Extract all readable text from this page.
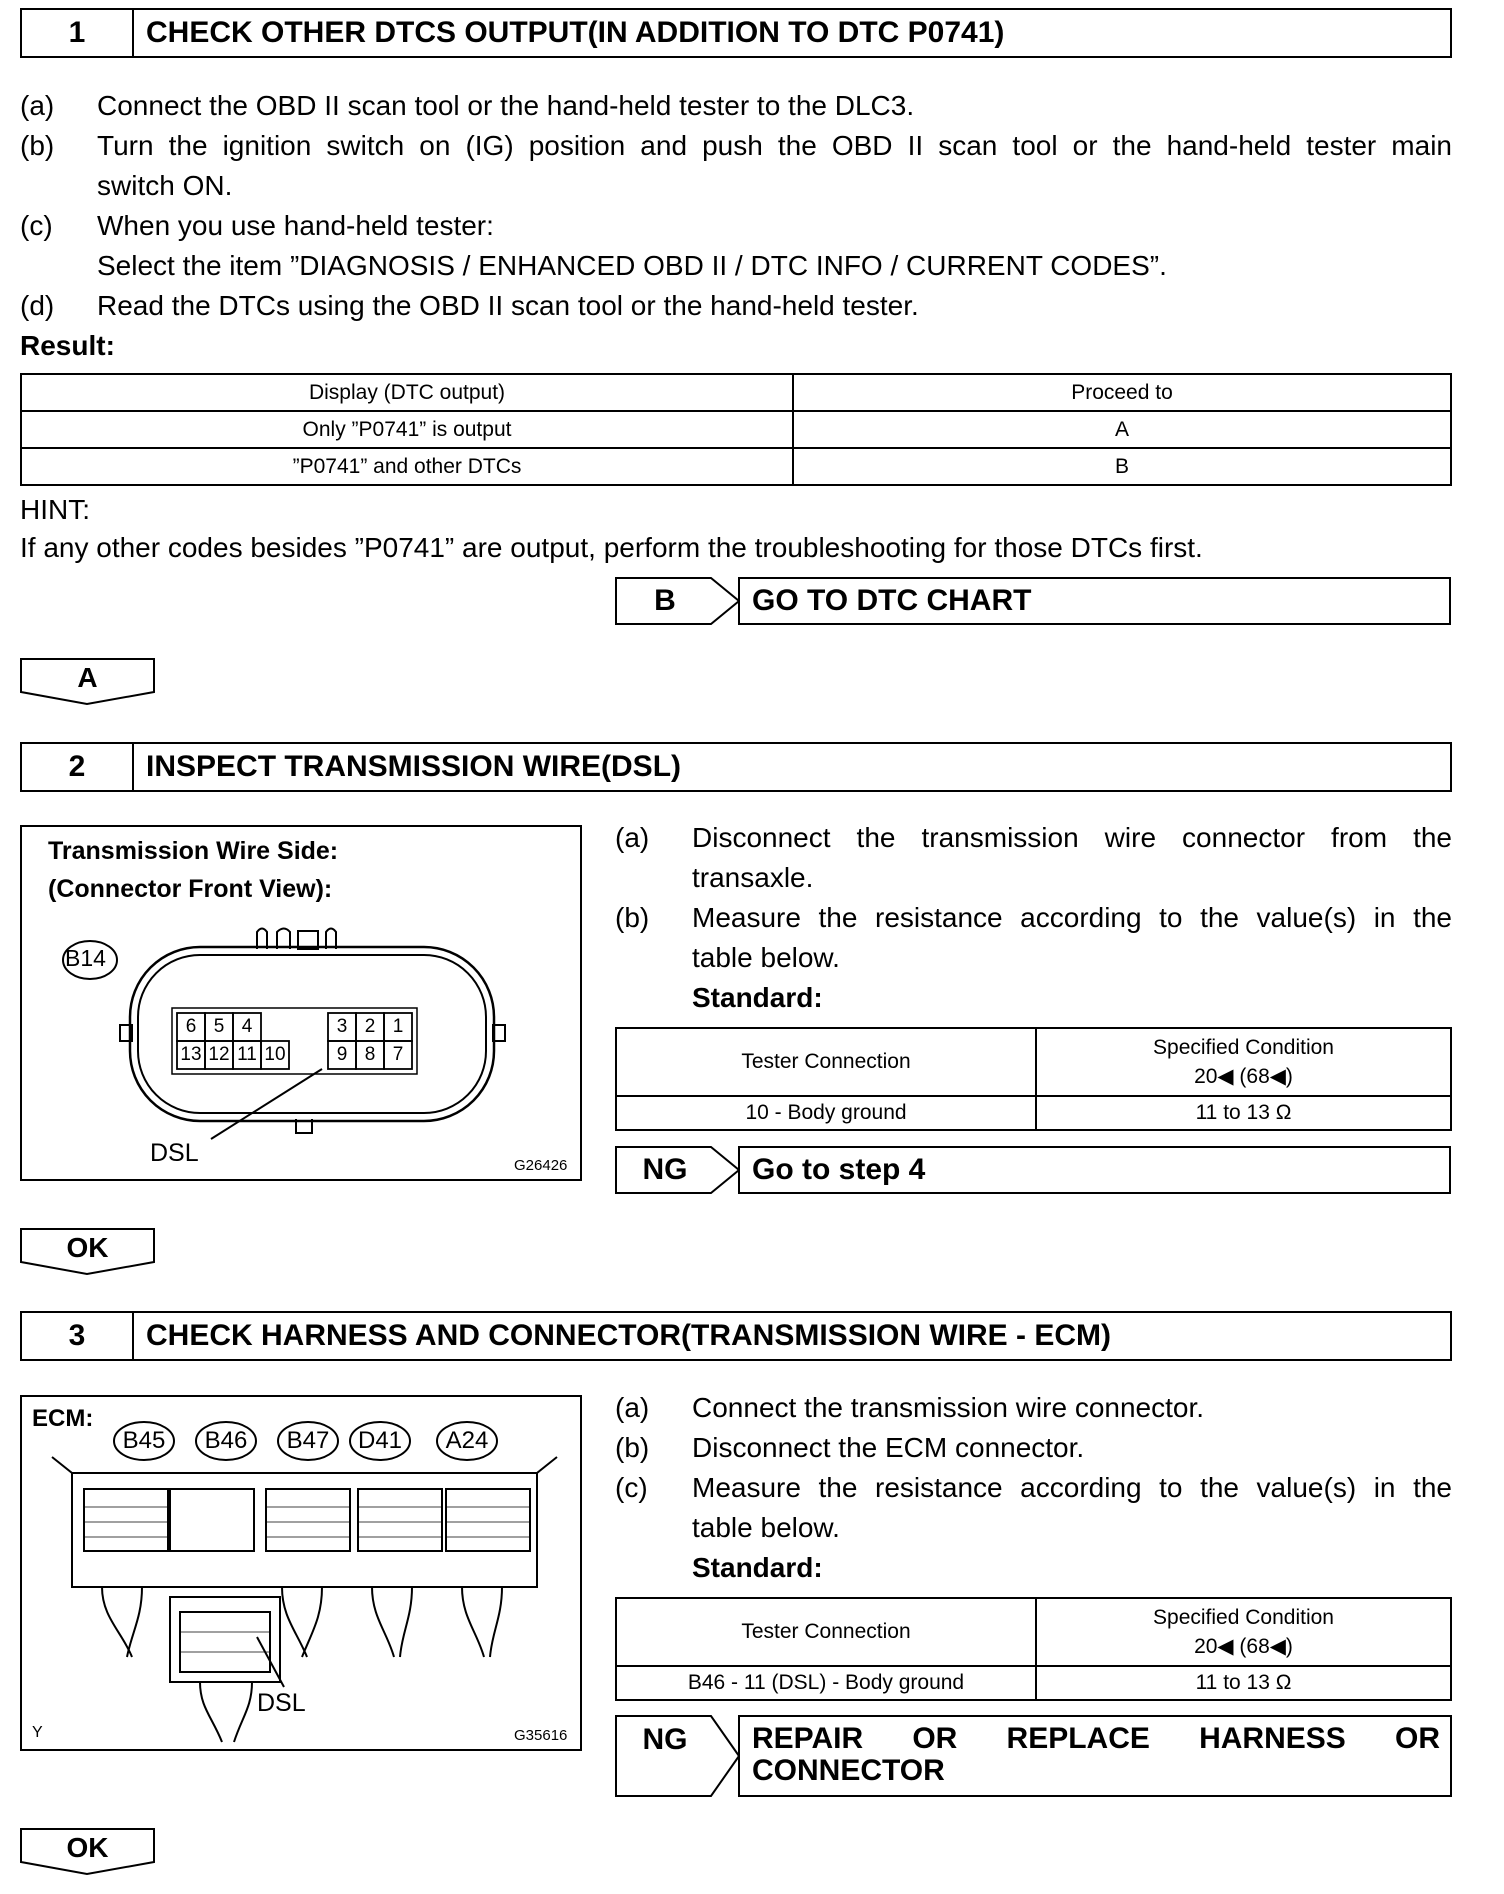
1	CHECK OTHER DTCS OUTPUT(IN ADDITION TO DTC P0741)
(a) Connect the OBD II scan tool or the hand-held tester to the DLC3.
(b) Turn the ignition switch on (IG) position and push the OBD II scan tool or the hand-held tester main
switch ON.
(c) When you use hand-held tester:
Select the item ”DIAGNOSIS / ENHANCED OBD II / DTC INFO / CURRENT CODES”.
(d) Read the DTCs using the OBD II scan tool or the hand-held tester.
Result:
Display (DTC output)	Proceed to
Only ”P0741” is output	A
”P0741” and other DTCs	B
HINT:
If any other codes besides ”P0741” are output, perform the troubleshooting for those DTCs first.
B	GO TO DTC CHART
A
2	INSPECT TRANSMISSION WIRE(DSL)
Transmission Wire Side:
(Connector Front View):
B14
6 5 4	3 2 1
13 12 11 10	9 8 7
DSL	G26426
(a) Disconnect the transmission wire connector from the
transaxle.
(b) Measure the resistance according to the value(s) in the
table below.
Standard:
Tester Connection	Specified Condition
20◀ (68◀)

10 - Body ground	11 to 13 Ω
NG	Go to step 4
OK
3	CHECK HARNESS AND CONNECTOR(TRANSMISSION WIRE - ECM)
ECM:
B45 B46 B47 D41 A24
DSL
Y	G35616
(a) Connect the transmission wire connector.
(b) Disconnect the ECM connector.
(c) Measure the resistance according to the value(s) in the
table below.
Standard:
Tester Connection	Specified Condition
20◀ (68◀)

B46 - 11 (DSL) - Body ground	11 to 13 Ω
NG	REPAIR OR REPLACE HARNESS OR
CONNECTOR
OK
